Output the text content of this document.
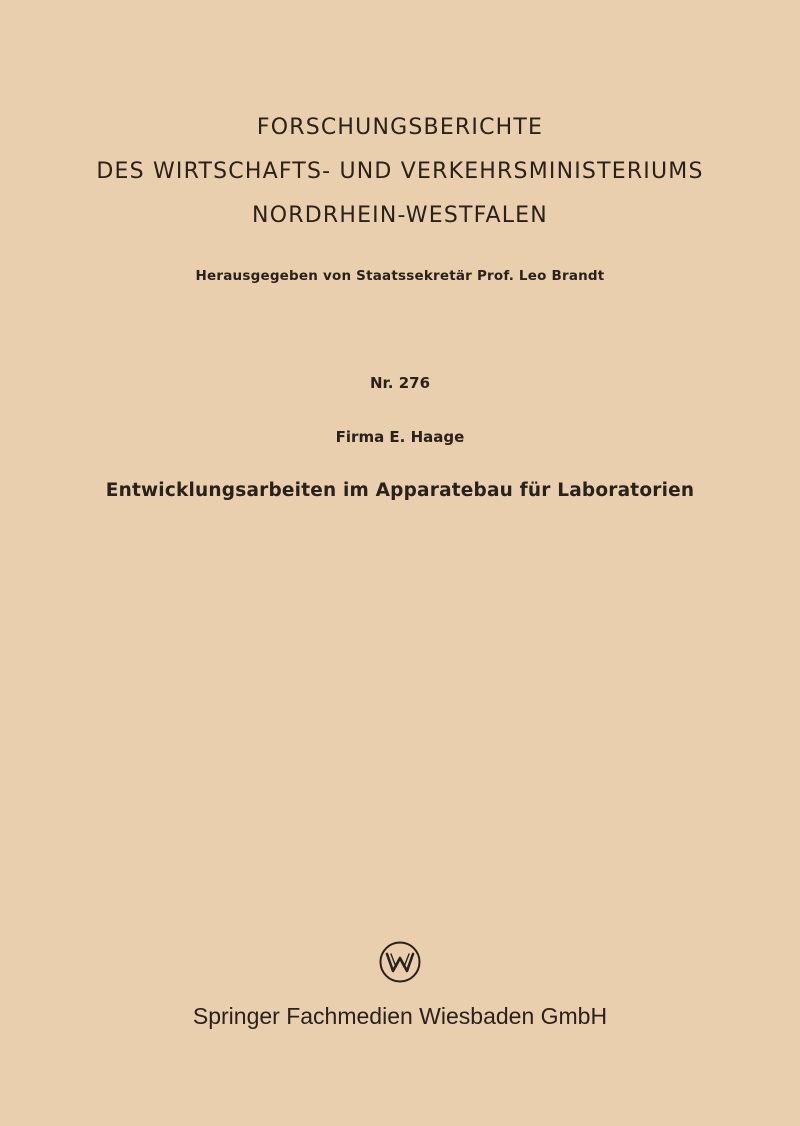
FORSCHUNGSBERICHTE
DES WIRTSCHAFTS- UND VERKEHRSMINISTERIUMS
NORDRHEIN-WESTFALEN
Herausgegeben von Staatssekretär Prof. Leo Brandt
Nr. 276
Firma E. Haage
Entwicklungsarbeiten im Apparatebau für Laboratorien
Springer Fachmedien Wiesbaden GmbH
